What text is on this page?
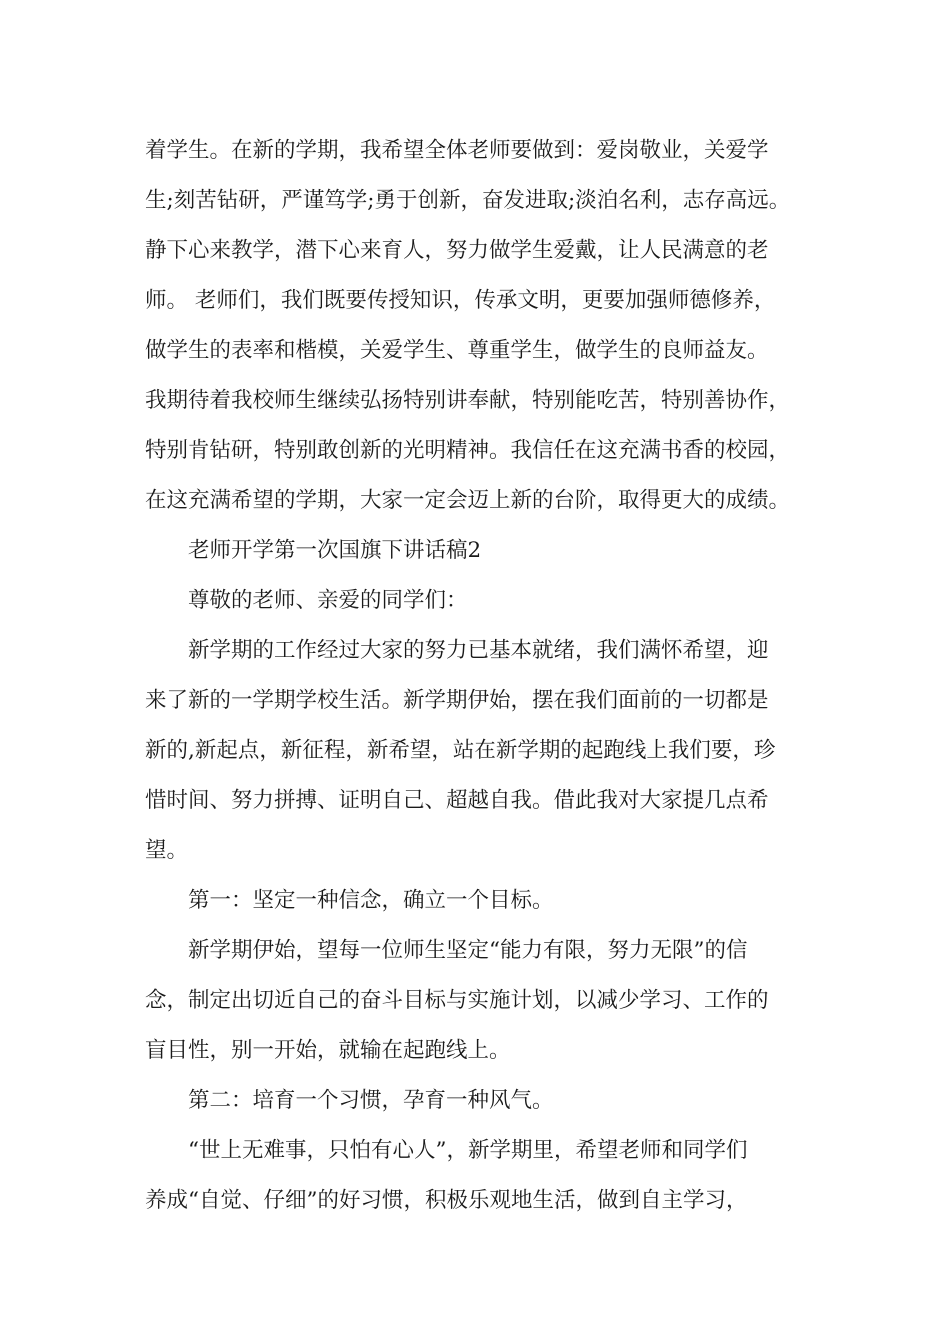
着学生。在新的学期，我希望全体老师要做到：爱岗敬业，关爱学
生;刻苦钻研，严谨笃学;勇于创新，奋发进取;淡泊名利，志存高远。
静下心来教学，潜下心来育人，努力做学生爱戴，让人民满意的老
师。 老师们，我们既要传授知识，传承文明，更要加强师德修养，
做学生的表率和楷模，关爱学生、尊重学生，做学生的良师益友。
我期待着我校师生继续弘扬特别讲奉献，特别能吃苦，特别善协作，
特别肯钻研，特别敢创新的光明精神。我信任在这充满书香的校园，
在这充满希望的学期，大家一定会迈上新的台阶，取得更大的成绩。
老师开学第一次国旗下讲话稿2
尊敬的老师、亲爱的同学们：
新学期的工作经过大家的努力已基本就绪，我们满怀希望，迎
来了新的一学期学校生活。新学期伊始，摆在我们面前的一切都是
新的,新起点，新征程，新希望，站在新学期的起跑线上我们要，珍
惜时间、努力拼搏、证明自己、超越自我。借此我对大家提几点希
望。
第一：坚定一种信念，确立一个目标。
新学期伊始，望每一位师生坚定“能力有限，努力无限”的信
念，制定出切近自己的奋斗目标与实施计划，以减少学习、工作的
盲目性，别一开始，就输在起跑线上。
第二：培育一个习惯，孕育一种风气。
“世上无难事，只怕有心人”，新学期里，希望老师和同学们
养成“自觉、仔细”的好习惯，积极乐观地生活，做到自主学习，
